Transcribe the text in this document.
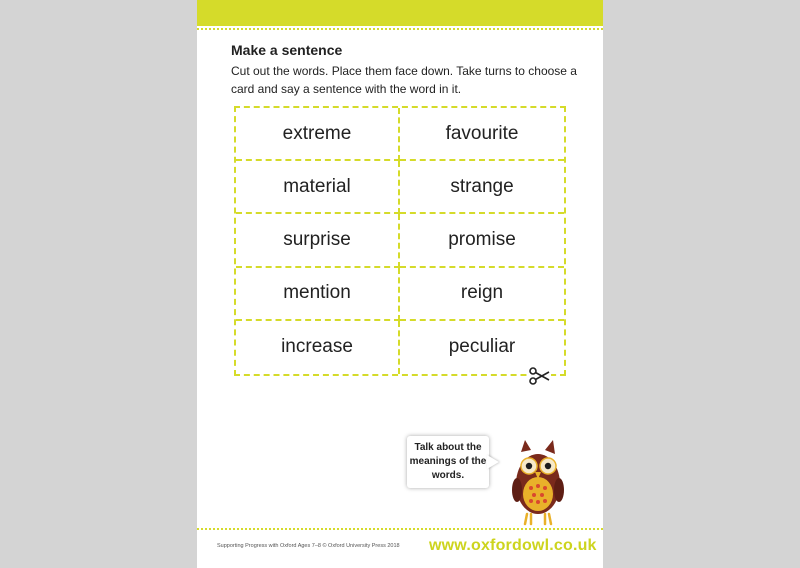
Make a sentence
Cut out the words. Place them face down. Take turns to choose a card and say a sentence with the word in it.
extreme	favourite
material	strange
surprise	promise
mention	reign
increase	peculiar
Talk about the meanings of the words.
Supporting Progress with Oxford Ages 7–8 © Oxford University Press 2018 www.oxfordowl.co.uk
